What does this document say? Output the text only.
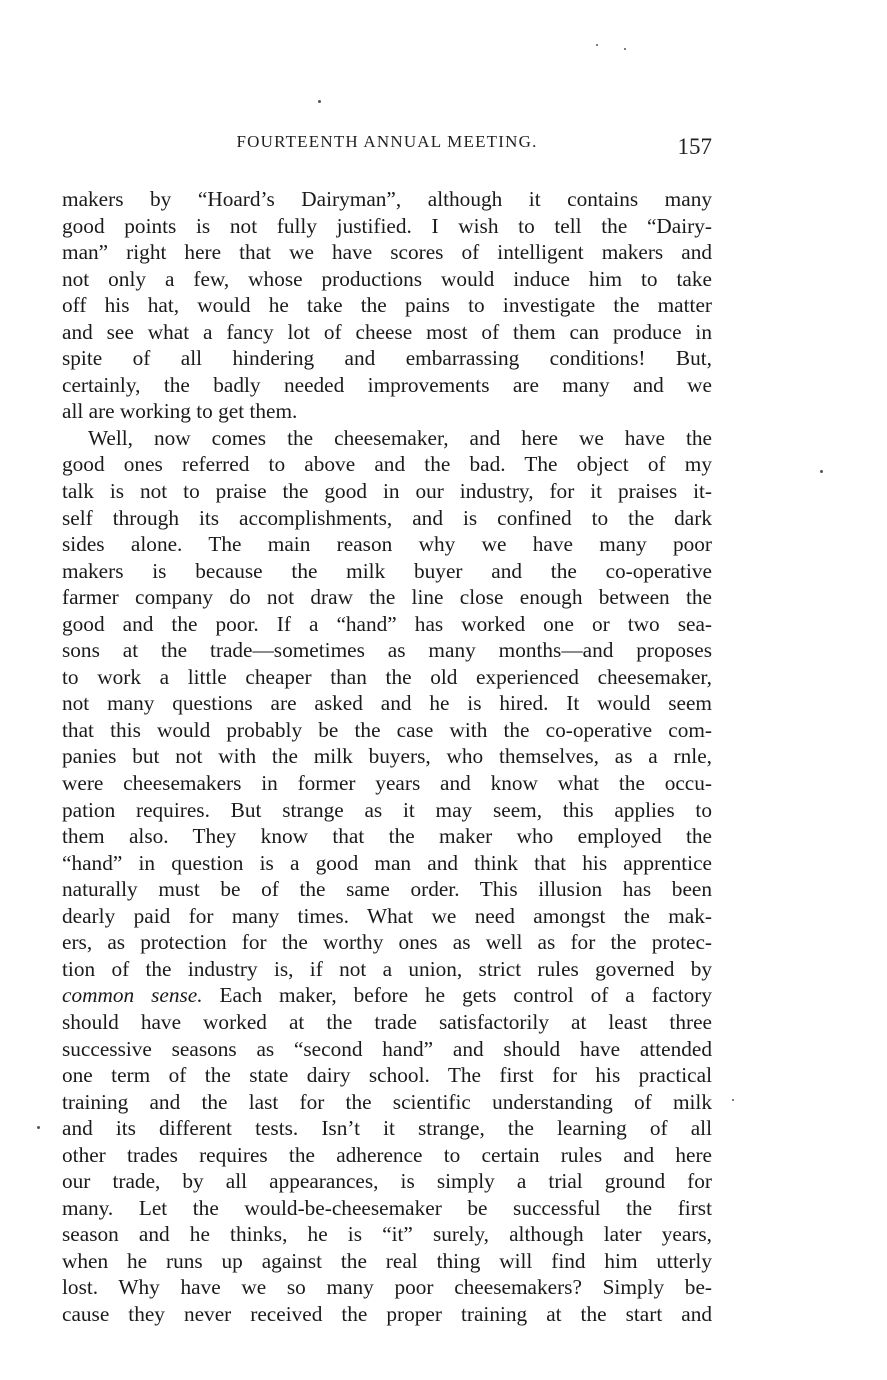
FOURTEENTH ANNUAL MEETING.	157
makers by “Hoard’s Dairyman”, although it contains many
good points is not fully justified. I wish to tell the “Dairy-
man” right here that we have scores of intelligent makers and
not only a few, whose productions would induce him to take
off his hat, would he take the pains to investigate the matter
and see what a fancy lot of cheese most of them can produce in
spite of all hindering and embarrassing conditions! But,
certainly, the badly needed improvements are many and we
all are working to get them.
Well, now comes the cheesemaker, and here we have the
good ones referred to above and the bad. The object of my
talk is not to praise the good in our industry, for it praises it-
self through its accomplishments, and is confined to the dark
sides alone. The main reason why we have many poor
makers is because the milk buyer and the co-operative
farmer company do not draw the line close enough between the
good and the poor. If a “hand” has worked one or two sea-
sons at the trade—sometimes as many months—and proposes
to work a little cheaper than the old experienced cheesemaker,
not many questions are asked and he is hired. It would seem
that this would probably be the case with the co-operative com-
panies but not with the milk buyers, who themselves, as a rnle,
were cheesemakers in former years and know what the occu-
pation requires. But strange as it may seem, this applies to
them also. They know that the maker who employed the
“hand” in question is a good man and think that his apprentice
naturally must be of the same order. This illusion has been
dearly paid for many times. What we need amongst the mak-
ers, as protection for the worthy ones as well as for the protec-
tion of the industry is, if not a union, strict rules governed by
common sense. Each maker, before he gets control of a factory
should have worked at the trade satisfactorily at least three
successive seasons as “second hand” and should have attended
one term of the state dairy school. The first for his practical
training and the last for the scientific understanding of milk
and its different tests. Isn’t it strange, the learning of all
other trades requires the adherence to certain rules and here
our trade, by all appearances, is simply a trial ground for
many. Let the would-be-cheesemaker be successful the first
season and he thinks, he is “it” surely, although later years,
when he runs up against the real thing will find him utterly
lost. Why have we so many poor cheesemakers? Simply be-
cause they never received the proper training at the start and
